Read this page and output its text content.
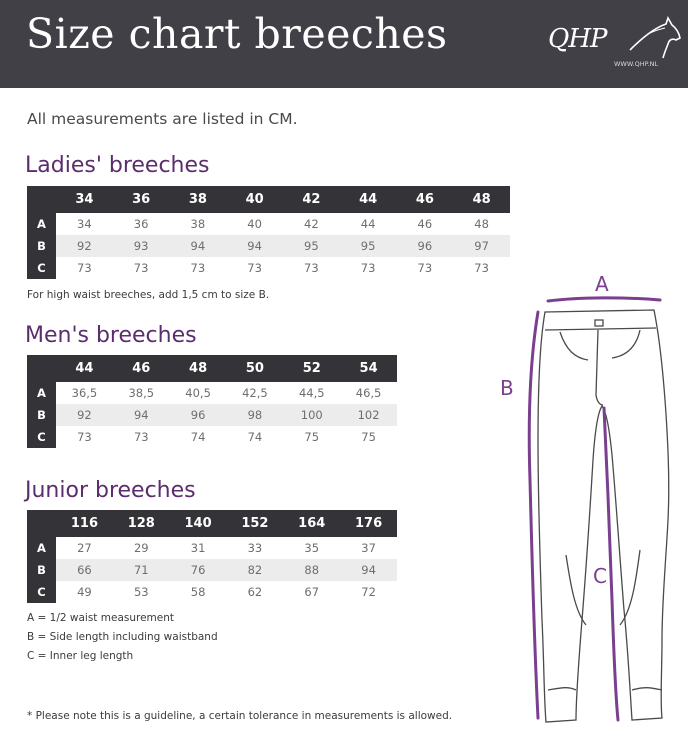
Size chart breeches	QHP
WWW.QHP.NL
All measurements are listed in CM.
Ladies' breeches
	34	36	38	40	42	44	46	48
A	34	36	38	40	42	44	46	48
B	92	93	94	94	95	95	96	97
C	73	73	73	73	73	73	73	73
For high waist breeches, add 1,5 cm to size B.
Men's breeches
	44	46	48	50	52	54
A	36,5	38,5	40,5	42,5	44,5	46,5
B	92	94	96	98	100	102
C	73	73	74	74	75	75
Junior breeches
	116	128	140	152	164	176
A	27	29	31	33	35	37
B	66	71	76	82	88	94
C	49	53	58	62	67	72
A = 1/2 waist measurement
B = Side length including waistband
C = Inner leg length
* Please note this is a guideline, a certain tolerance in measurements is allowed.
A
B
C
